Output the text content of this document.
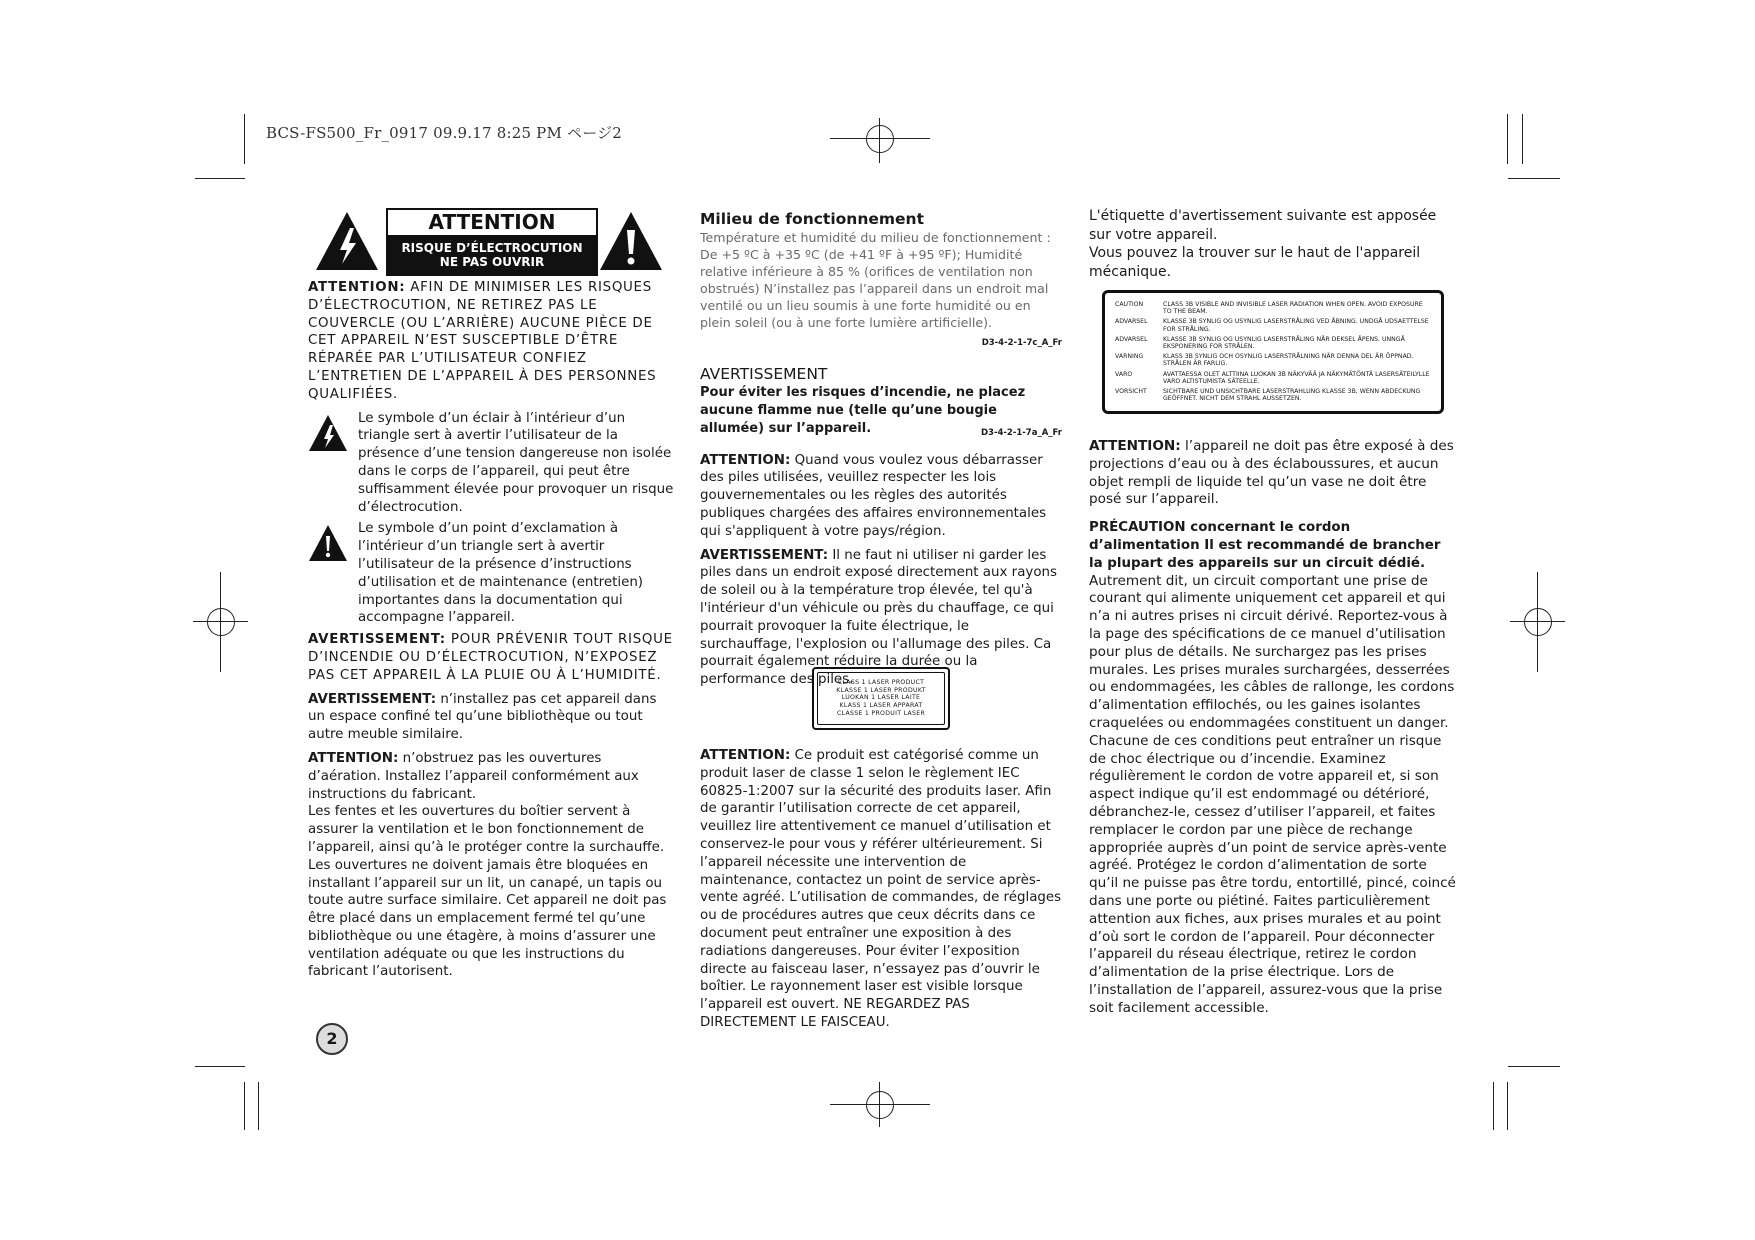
BCS-FS500_Fr_0917 09.9.17 8:25 PM ページ2
ATTENTION
RISQUE D’ÉLECTROCUTION
NE PAS OUVRIR

ATTENTION: AFIN DE MINIMISER LES RISQUES D’ÉLECTROCUTION, NE RETIREZ PAS LE COUVERCLE (OU L’ARRIÈRE) AUCUNE PIÈCE DE CET APPAREIL N’EST SUSCEPTIBLE D’ÊTRE RÉPARÉE PAR L’UTILISATEUR CONFIEZ L’ENTRETIEN DE L’APPAREIL À DES PERSONNES QUALIFIÉES.

Le symbole d’un éclair à l’intérieur d’un triangle sert à avertir l’utilisateur de la présence d’une tension dangereuse non isolée dans le corps de l’appareil, qui peut être suffisamment élevée pour provoquer un risque d’électrocution.
Le symbole d’un point d’exclamation à l’intérieur d’un triangle sert à avertir l’utilisateur de la présence d’instructions d’utilisation et de maintenance (entretien) importantes dans la documentation qui accompagne l’appareil.

AVERTISSEMENT: POUR PRÉVENIR TOUT RISQUE D’INCENDIE OU D’ÉLECTROCUTION, N’EXPOSEZ PAS CET APPAREIL À LA PLUIE OU À L’HUMIDITÉ.

AVERTISSEMENT: n’installez pas cet appareil dans un espace confiné tel qu’une bibliothèque ou tout autre meuble similaire.

ATTENTION: n’obstruez pas les ouvertures d’aération. Installez l’appareil conformément aux instructions du fabricant.

Les fentes et les ouvertures du boîtier servent à assurer la ventilation et le bon fonctionnement de l’appareil, ainsi qu’à le protéger contre la surchauffe. Les ouvertures ne doivent jamais être bloquées en installant l’appareil sur un lit, un canapé, un tapis ou toute autre surface similaire. Cet appareil ne doit pas être placé dans un emplacement fermé tel qu’une bibliothèque ou une étagère, à moins d’assurer une ventilation adéquate ou que les instructions du fabricant l’autorisent.

Milieu de fonctionnement
Température et humidité du milieu de fonctionnement : De +5 ºC à +35 ºC (de +41 ºF à +95 ºF); Humidité relative inférieure à 85 % (orifices de ventilation non obstrués) N’installez pas l’appareil dans un endroit mal ventilé ou un lieu soumis à une forte humidité ou en plein soleil (ou à une forte lumière artificielle).
D3-4-2-1-7c_A_Fr
AVERTISSEMENT
Pour éviter les risques d’incendie, ne placez aucune flamme nue (telle qu’une bougie allumée) sur l’appareil.	D3-4-2-1-7a_A_Fr

ATTENTION: Quand vous voulez vous débarrasser des piles utilisées, veuillez respecter les lois gouvernementales ou les règles des autorités publiques chargées des affaires environnementales qui s'appliquent à votre pays/région.

AVERTISSEMENT: Il ne faut ni utiliser ni garder les piles dans un endroit exposé directement aux rayons de soleil ou à la température trop élevée, tel qu'à l'intérieur d'un véhicule ou près du chauffage, ce qui pourrait provoquer la fuite électrique, le surchauffage, l'explosion ou l'allumage des piles. Ca pourrait également réduire la durée ou la performance des piles.

CLASS 1 LASER PRODUCT
KLASSE 1 LASER PRODUKT
LUOKAN 1 LASER LAITE
KLASS 1 LASER APPARAT
CLASSE 1 PRODUIT LASER

ATTENTION: Ce produit est catégorisé comme un produit laser de classe 1 selon le règlement IEC 60825-1:2007 sur la sécurité des produits laser. Afin de garantir l’utilisation correcte de cet appareil, veuillez lire attentivement ce manuel d’utilisation et conservez-le pour vous y référer ultérieurement. Si l’appareil nécessite une intervention de maintenance, contactez un point de service après-vente agréé. L’utilisation de commandes, de réglages ou de procédures autres que ceux décrits dans ce document peut entraîner une exposition à des radiations dangereuses. Pour éviter l’exposition directe au faisceau laser, n’essayez pas d’ouvrir le boîtier. Le rayonnement laser est visible lorsque l’appareil est ouvert. NE REGARDEZ PAS DIRECTEMENT LE FAISCEAU.

L'étiquette d'avertissement suivante est apposée sur votre appareil.
Vous pouvez la trouver sur le haut de l'appareil mécanique.
CAUTION	CLASS 3B VISIBLE AND INVISIBLE LASER RADIATION WHEN OPEN. AVOID EXPOSURE TO THE BEAM.
ADVARSEL	KLASSE 3B SYNLIG OG USYNLIG LASERSTRÅLING VED ÅBNING. UNDGÅ UDSAETTELSE FOR STRÅLING.
ADVARSEL	KLASSE 3B SYNLIG OG USYNLIG LASERSTRÅLING NÅR DEKSEL ÅPENS. UNNGÅ EKSPONERING FOR STRÅLEN.
VARNING	KLASS 3B SYNLIG OCH OSYNLIG LASERSTRÅLNING NÄR DENNA DEL ÄR ÖPPNAD. STRÅLEN ÄR FARLIG.
VARO	AVATTAESSA OLET ALTTIINA LUOKAN 3B NÄKYVÄÄ JA NÄKYMÄTÖNTÄ LASERSÄTEILYLLE VARO ALTISTUMISTA SÄTEELLE.
VORSICHT	SICHTBARE UND UNSICHTBARE LASERSTRAHLUNG KLASSE 3B, WENN ABDECKUNG GEÖFFNET. NICHT DEM STRAHL AUSSETZEN.

ATTENTION: l’appareil ne doit pas être exposé à des projections d’eau ou à des éclaboussures, et aucun objet rempli de liquide tel qu’un vase ne doit être posé sur l’appareil.

PRÉCAUTION concernant le cordon d’alimentation Il est recommandé de brancher la plupart des appareils sur un circuit dédié.
Autrement dit, un circuit comportant une prise de courant qui alimente uniquement cet appareil et qui n’a ni autres prises ni circuit dérivé. Reportez-vous à la page des spécifications de ce manuel d’utilisation pour plus de détails. Ne surchargez pas les prises murales. Les prises murales surchargées, desserrées ou endommagées, les câbles de rallonge, les cordons d’alimentation effilochés, ou les gaines isolantes craquelées ou endommagées constituent un danger. Chacune de ces conditions peut entraîner un risque de choc électrique ou d’incendie. Examinez régulièrement le cordon de votre appareil et, si son aspect indique qu’il est endommagé ou détérioré, débranchez-le, cessez d’utiliser l’appareil, et faites remplacer le cordon par une pièce de rechange appropriée auprès d’un point de service après-vente agréé. Protégez le cordon d’alimentation de sorte qu’il ne puisse pas être tordu, entortillé, pincé, coincé dans une porte ou piétiné. Faites particulièrement attention aux fiches, aux prises murales et au point d’où sort le cordon de l’appareil. Pour déconnecter l’appareil du réseau électrique, retirez le cordon d’alimentation de la prise électrique. Lors de l’installation de l’appareil, assurez-vous que la prise soit facilement accessible.
2
